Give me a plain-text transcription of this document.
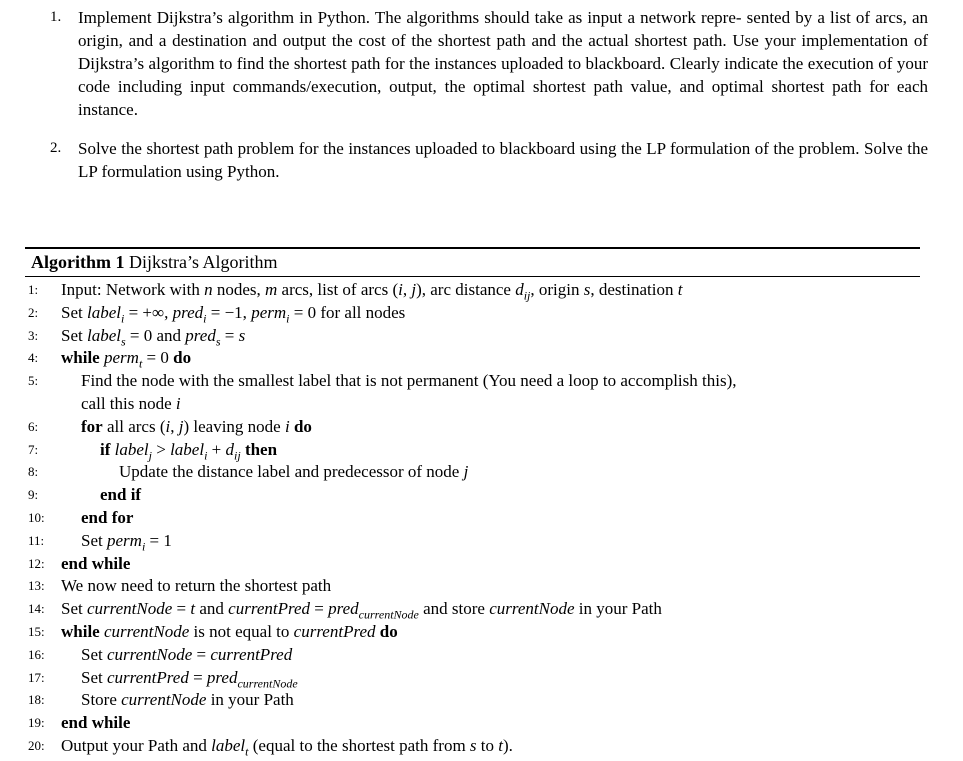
1. Implement Dijkstra’s algorithm in Python. The algorithms should take as input a network repre- sented by a list of arcs, an origin, and a destination and output the cost of the shortest path and the actual shortest path. Use your implementation of Dijkstra’s algorithm to find the shortest path for the instances uploaded to blackboard. Clearly indicate the execution of your code including input commands/execution, output, the optimal shortest path value, and optimal shortest path for each instance.
2. Solve the shortest path problem for the instances uploaded to blackboard using the LP formulation of the problem. Solve the LP formulation using Python.
Algorithm 1 Dijkstra’s Algorithm
1:	Input: Network with n nodes, m arcs, list of arcs (i, j), arc distance $d_{ij}$, origin s, destination t
2:	Set label$_i$ = +∞, pred$_i$ = −1, perm$_i$ = 0 for all nodes
3:	Set label$_s$ = 0 and pred$_s$ = s
4:	while perm$_t$ = 0 do
5:	Find the node with the smallest label that is not permanent (You need a loop to accomplish this),
call this node i
6:	for all arcs (i, j) leaving node i do
7:	if label$_j$ > label$_i$ + $d_{ij}$ then
8:	Update the distance label and predecessor of node j
9:	end if
10:	end for
11:	Set perm$_i$ = 1
12: end while
13: We now need to return the shortest path
14: Set currentNode = t and currentPred = pred$_{currentNode}$ and store currentNode in your Path
15: while currentNode is not equal to currentPred do
16:	Set currentNode = currentPred
17:	Set currentPred = pred$_{currentNode}$
18:	Store currentNode in your Path
19: end while
20: Output your Path and label$_t$ (equal to the shortest path from s to t).
